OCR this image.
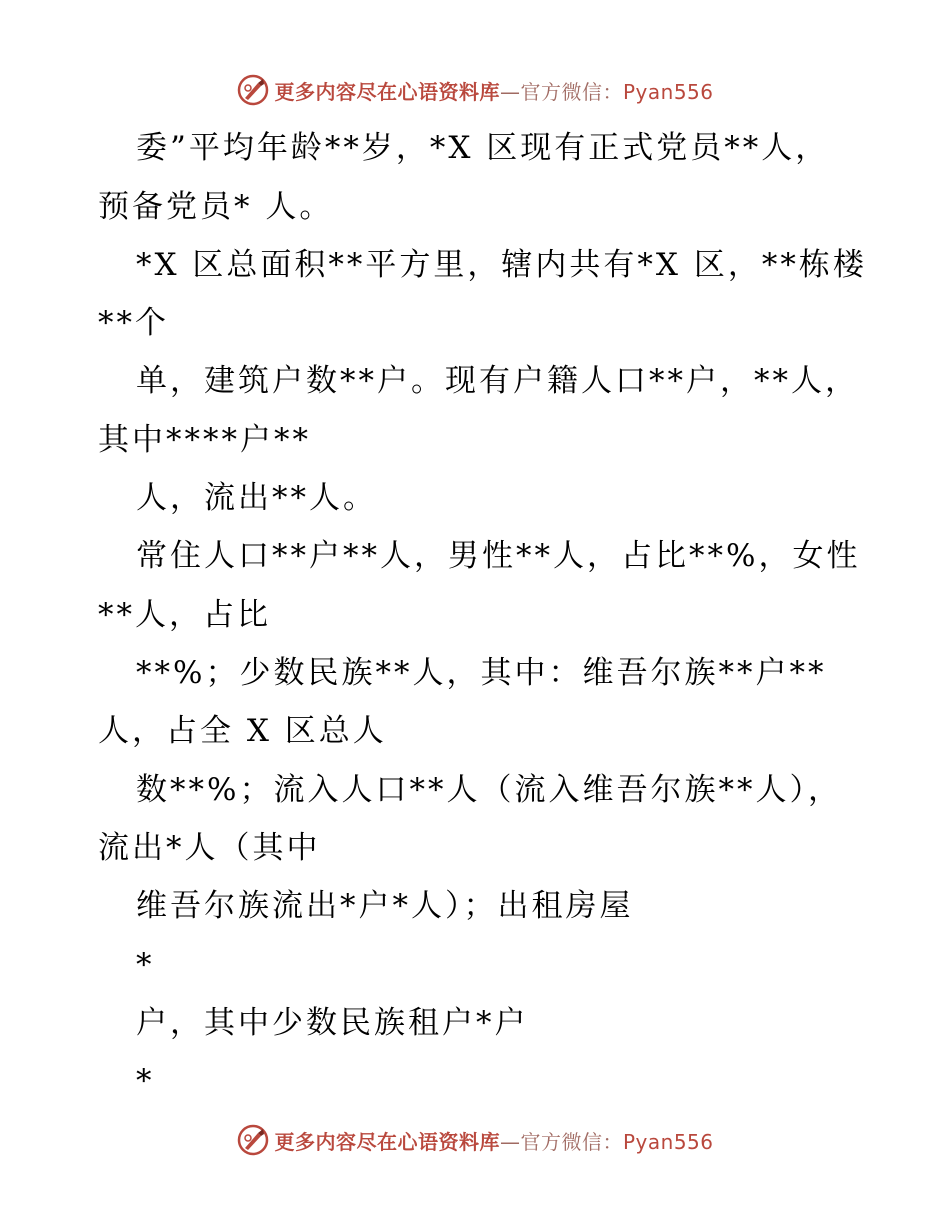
更多内容尽在心语资料库—官方微信：Pyan556
委”平均年龄**岁，*X 区现有正式党员**人，
预备党员* 人。
*X 区总面积**平方里，辖内共有*X 区，**栋楼
**个
单，建筑户数**户。现有户籍人口**户，**人，
其中****户**
人，流出**人。
常住人口**户**人，男性**人，占比**%，女性
**人，占比
**%；少数民族**人，其中：维吾尔族**户**
人，占全 X 区总人
数**%；流入人口**人（流入维吾尔族**人），
流出*人（其中
维吾尔族流出*户*人）；出租房屋
*
户，其中少数民族租户*户
*
更多内容尽在心语资料库—官方微信：Pyan556
